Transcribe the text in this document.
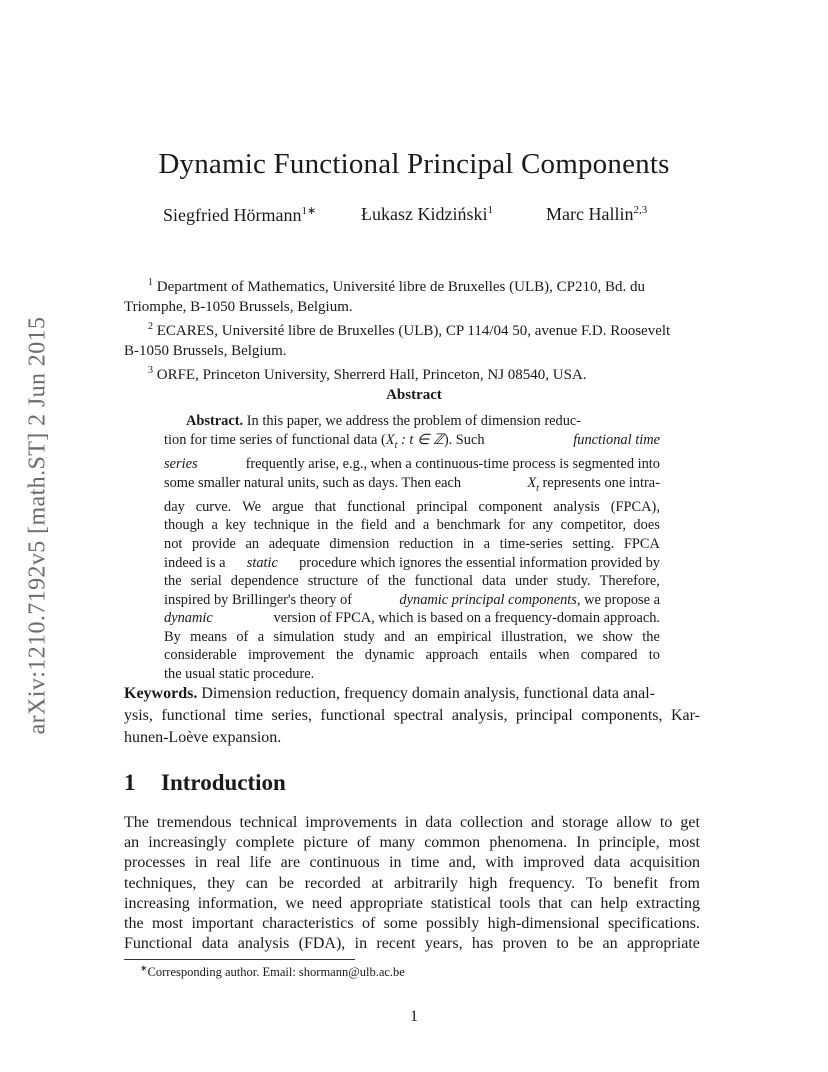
arXiv:1210.7192v5 [math.ST] 2 Jun 2015
Dynamic Functional Principal Components
Siegfried Hörmann$^{1∗}$ Łukasz Kidziński$^1$	Marc Hallin$^{2,3}$

$^1$ Department of Mathematics, Université libre de Bruxelles (ULB), CP210, Bd. du

Triomphe, B-1050 Brussels, Belgium.

$^2$ ECARES, Université libre de Bruxelles (ULB), CP 114/04 50, avenue F.D. Roosevelt

B-1050 Brussels, Belgium.

$^3$ ORFE, Princeton University, Sherrerd Hall, Princeton, NJ 08540, USA.

Abstract
Abstract.
In this paper, we address the problem of dimension reduc-
tion for time series of functional data ($X_t$ : t ∈ ℤ). Such	functional time
series	frequently arise, e.g., when a continuous-time process is segmented into
some smaller natural units, such as days. Then each	$X_t$ represents one intra-
day curve. We argue that functional principal component analysis (FPCA),
though a key technique in the field and a benchmark for any competitor, does
not provide an adequate dimension reduction in a time-series setting. FPCA
indeed is a static procedure which ignores the essential information provided by
the serial dependence structure of the functional data under study. Therefore,
inspired by Brillinger's theory of	dynamic principal components, we propose a
dynamic	version of FPCA, which is based on a frequency-domain approach.
By means of a simulation study and an empirical illustration, we show the
considerable improvement the dynamic approach entails when compared to
the usual static procedure.
Keywords. Dimension reduction, frequency domain analysis, functional data anal-
ysis, functional time series, functional spectral analysis, principal components, Kar-
hunen-Loève expansion.
1 Introduction
The tremendous technical improvements in data collection and storage allow to get
an increasingly complete picture of many common phenomena. In principle, most
processes in real life are continuous in time and, with improved data acquisition
techniques, they can be recorded at arbitrarily high frequency. To benefit from
increasing information, we need appropriate statistical tools that can help extracting
the most important characteristics of some possibly high-dimensional specifications.
Functional data analysis (FDA), in recent years, has proven to be an appropriate
∗Corresponding author. Email: shormann@ulb.ac.be
1
